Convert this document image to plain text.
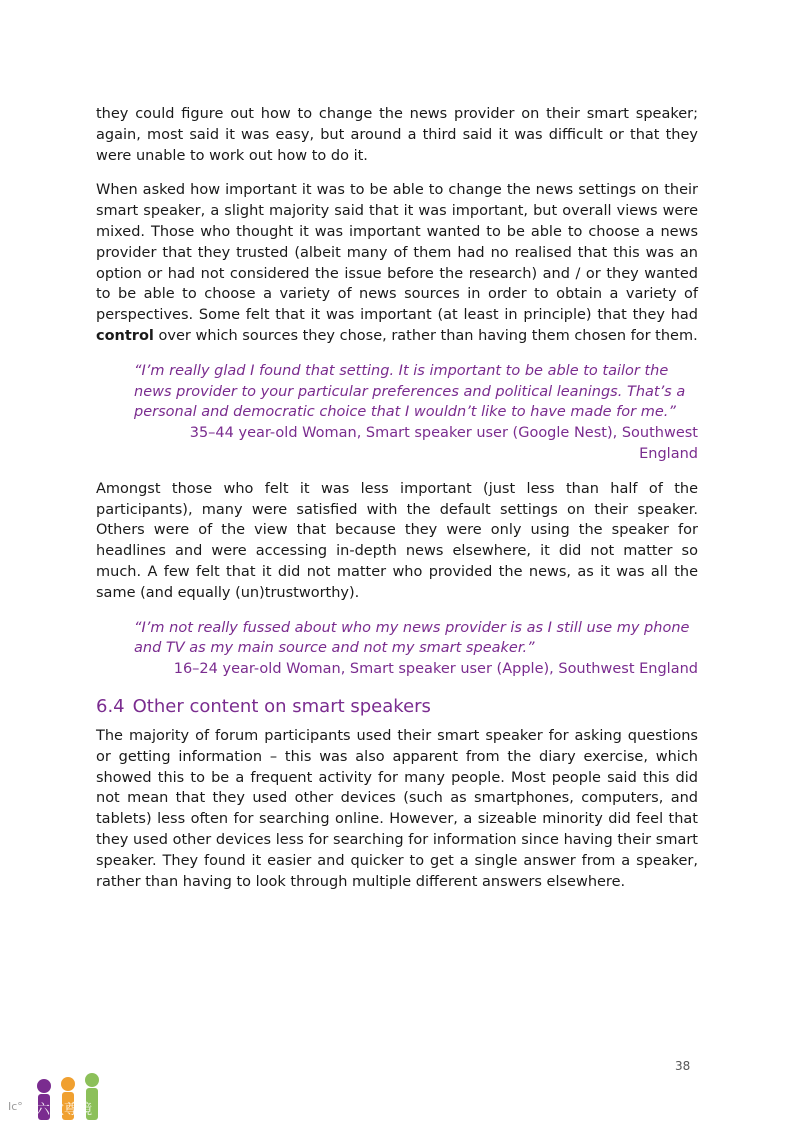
they could figure out how to change the news provider on their smart speaker; again, most said it was easy, but around a third said it was difficult or that they were unable to work out how to do it.

When asked how important it was to be able to change the news settings on their smart speaker, a slight majority said that it was important, but overall views were mixed. Those who thought it was important wanted to be able to choose a news provider that they trusted (albeit many of them had no realised that this was an option or had not considered the issue before the research) and / or they wanted to be able to choose a variety of news sources in order to obtain a variety of perspectives. Some felt that it was important (at least in principle) that they had control over which sources they chose, rather than having them chosen for them.

“I’m really glad I found that setting. It is important to be able to tailor the news provider to your particular preferences and political leanings. That’s a personal and democratic choice that I wouldn’t like to have made for me.”
35–44 year-old Woman, Smart speaker user (Google Nest), Southwest England

Amongst those who felt it was less important (just less than half of the participants), many were satisfied with the default settings on their speaker. Others were of the view that because they were only using the speaker for headlines and were accessing in-depth news elsewhere, it did not matter so much. A few felt that it did not matter who provided the news, as it was all the same (and equally (un)trustworthy).

“I’m not really fussed about who my news provider is as I still use my phone and TV as my main source and not my smart speaker.”
16–24 year-old Woman, Smart speaker user (Apple), Southwest England
6.4 Other content on smart speakers

The majority of forum participants used their smart speaker for asking questions or getting information – this was also apparent from the diary exercise, which showed this to be a frequent activity for many people. Most people said this did not mean that they used other devices (such as smartphones, computers, and tablets) less often for searching online. However, a sizeable minority did feel that they used other devices less for searching for information since having their smart speaker. They found it easier and quicker to get a single answer from a speaker, rather than having to look through multiple different answers elsewhere.

38
Ic° 六数尊镜
